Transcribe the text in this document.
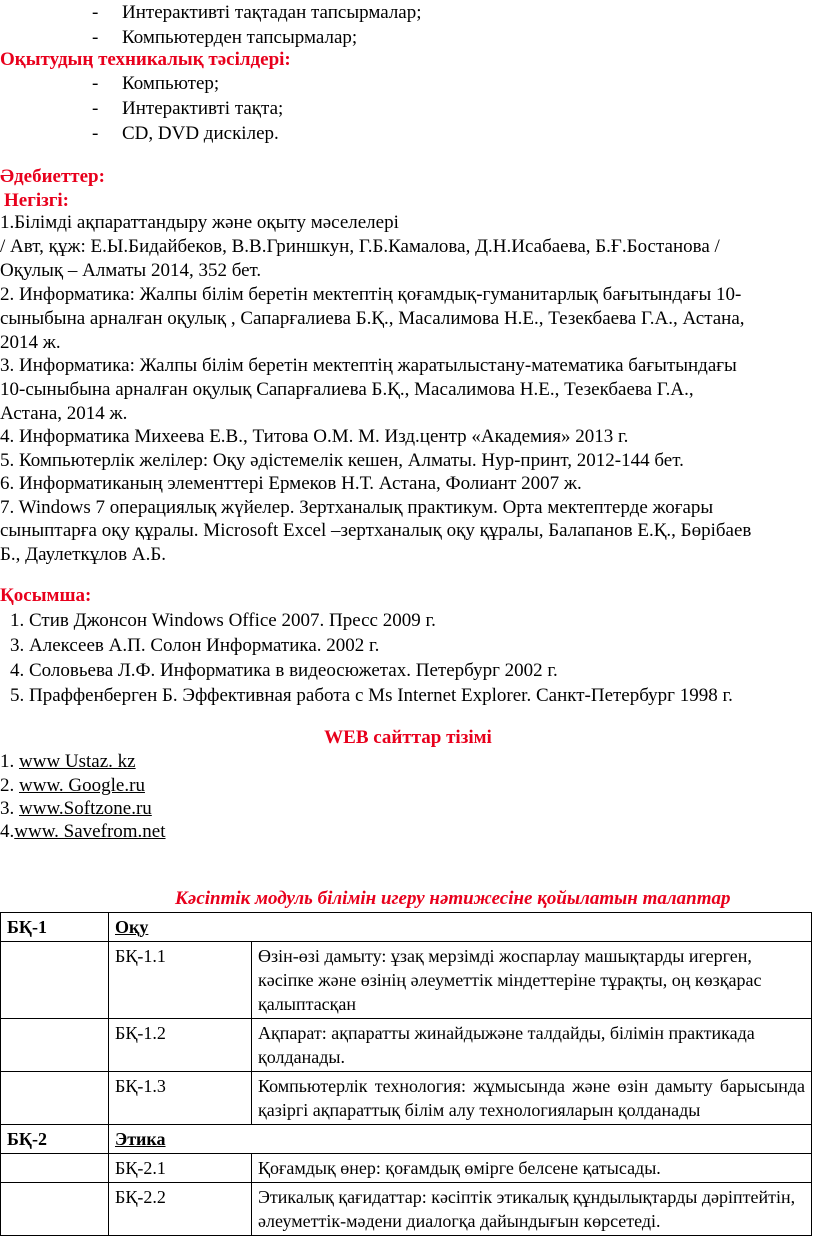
- Интерактивті тақтадан тапсырмалар;
- Компьютерден тапсырмалар;
Оқытудың техникалық тәсілдері:
- Компьютер;
- Интерактивті тақта;
- CD, DVD дискілер.
Әдебиеттер:
Негізгі:
1.Білімді ақпараттандыру және оқыту мәселелері
/ Авт, құж: Е.Ы.Бидайбеков, В.В.Гриншкун, Г.Б.Камалова, Д.Н.Исабаева, Б.Ғ.Бостанова /
Оқулық – Алматы 2014, 352 бет.
2. Информатика: Жалпы білім беретін мектептің қоғамдық-гуманитарлық бағытындағы 10-
сыныбына арналған оқулық , Сапарғалиева Б.Қ., Масалимова Н.Е., Тезекбаева Г.А., Астана,
2014 ж.
3. Информатика: Жалпы білім беретін мектептің жаратылыстану-математика бағытындағы
10-сыныбына арналған оқулық Сапарғалиева Б.Қ., Масалимова Н.Е., Тезекбаева Г.А.,
Астана, 2014 ж.
4. Информатика Михеева Е.В., Титова О.М. М. Изд.центр «Академия» 2013 г.
5. Компьютерлік желілер: Оқу әдістемелік кешен, Алматы. Нур-принт, 2012-144 бет.
6. Информатиканың элементтері Ермеков Н.Т. Астана, Фолиант 2007 ж.
7. Windows 7 операциялық жүйелер. Зертханалық практикум. Орта мектептерде жоғары
сыныптарға оқу құралы. Microsoft Excel –зертханалық оқу құралы, Балапанов Е.Қ., Бөрібаев
Б., Даулеткұлов А.Б.
Қосымша:
1. Стив Джонсон Windows Office 2007. Пресс 2009 г.
3. Алексеев А.П. Солон Информатика. 2002 г.
4. Соловьева Л.Ф. Информатика в видеосюжетах. Петербург 2002 г.
5. Праффенберген Б. Эффективная работа с Ms Internet Explorer. Санкт-Петербург 1998 г.
WEB сайттар тізімі
1. www Ustaz. kz
2. www. Google.ru
3. www.Softzone.ru
4.www. Savefrom.net
Кәсіптік модуль білімін игеру нәтижесіне қойылатын талаптар
БҚ-1	Оқу	
	БҚ-1.1	Өзін-өзі дамыту: ұзақ мерзімді жоспарлау машықтарды игерген, кәсіпке және өзінің әлеуметтік міндеттеріне тұрақты, оң көзқарас қалыптасқан
	БҚ-1.2	Ақпарат: ақпаратты жинайдыжәне талдайды, білімін практикада қолданады.
	БҚ-1.3	Компьютерлік технология: жұмысында және өзін дамыту барысында қазіргі ақпараттық білім алу технологияларын қолданады
БҚ-2	Этика	
	БҚ-2.1	Қоғамдық өнер: қоғамдық өмірге белсене қатысады.
	БҚ-2.2	Этикалық қағидаттар: кәсіптік этикалық құндылықтарды дәріптейтін, әлеуметтік-мәдени диалогқа дайындығын көрсетеді.
